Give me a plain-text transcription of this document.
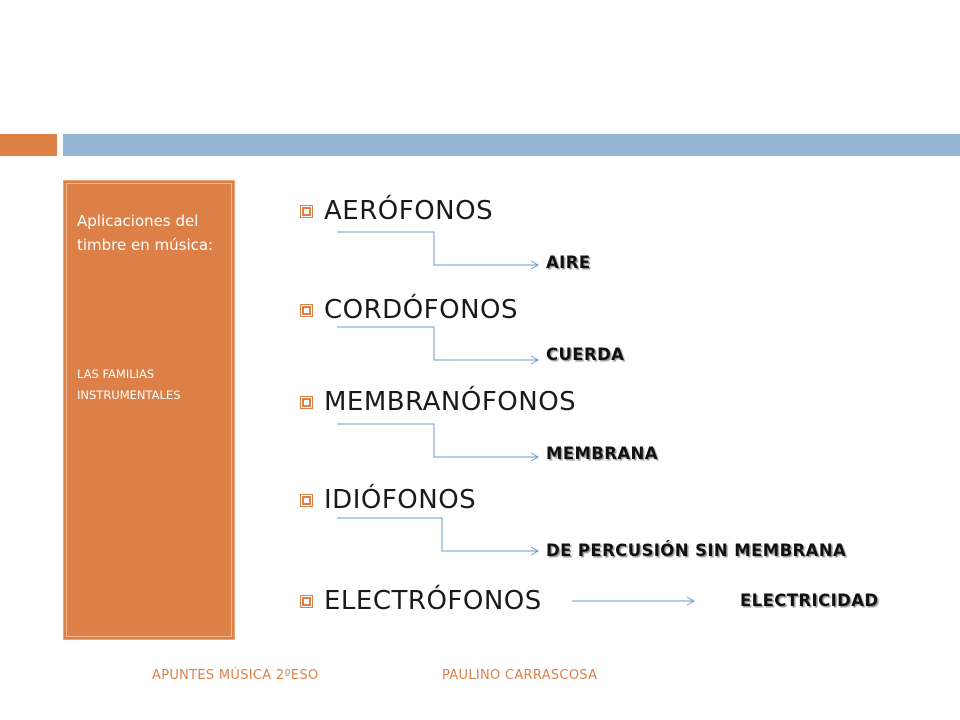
Aplicaciones del timbre en música:
LAS FAMILIAS INSTRUMENTALES
AERÓFONOS
AIRE
CORDÓFONOS
CUERDA
MEMBRANÓFONOS
MEMBRANA
IDIÓFONOS
DE PERCUSIÓN SIN MEMBRANA
ELECTRÓFONOS	ELECTRICIDAD
APUNTES MÚSICA 2ºESO	PAULINO CARRASCOSA
